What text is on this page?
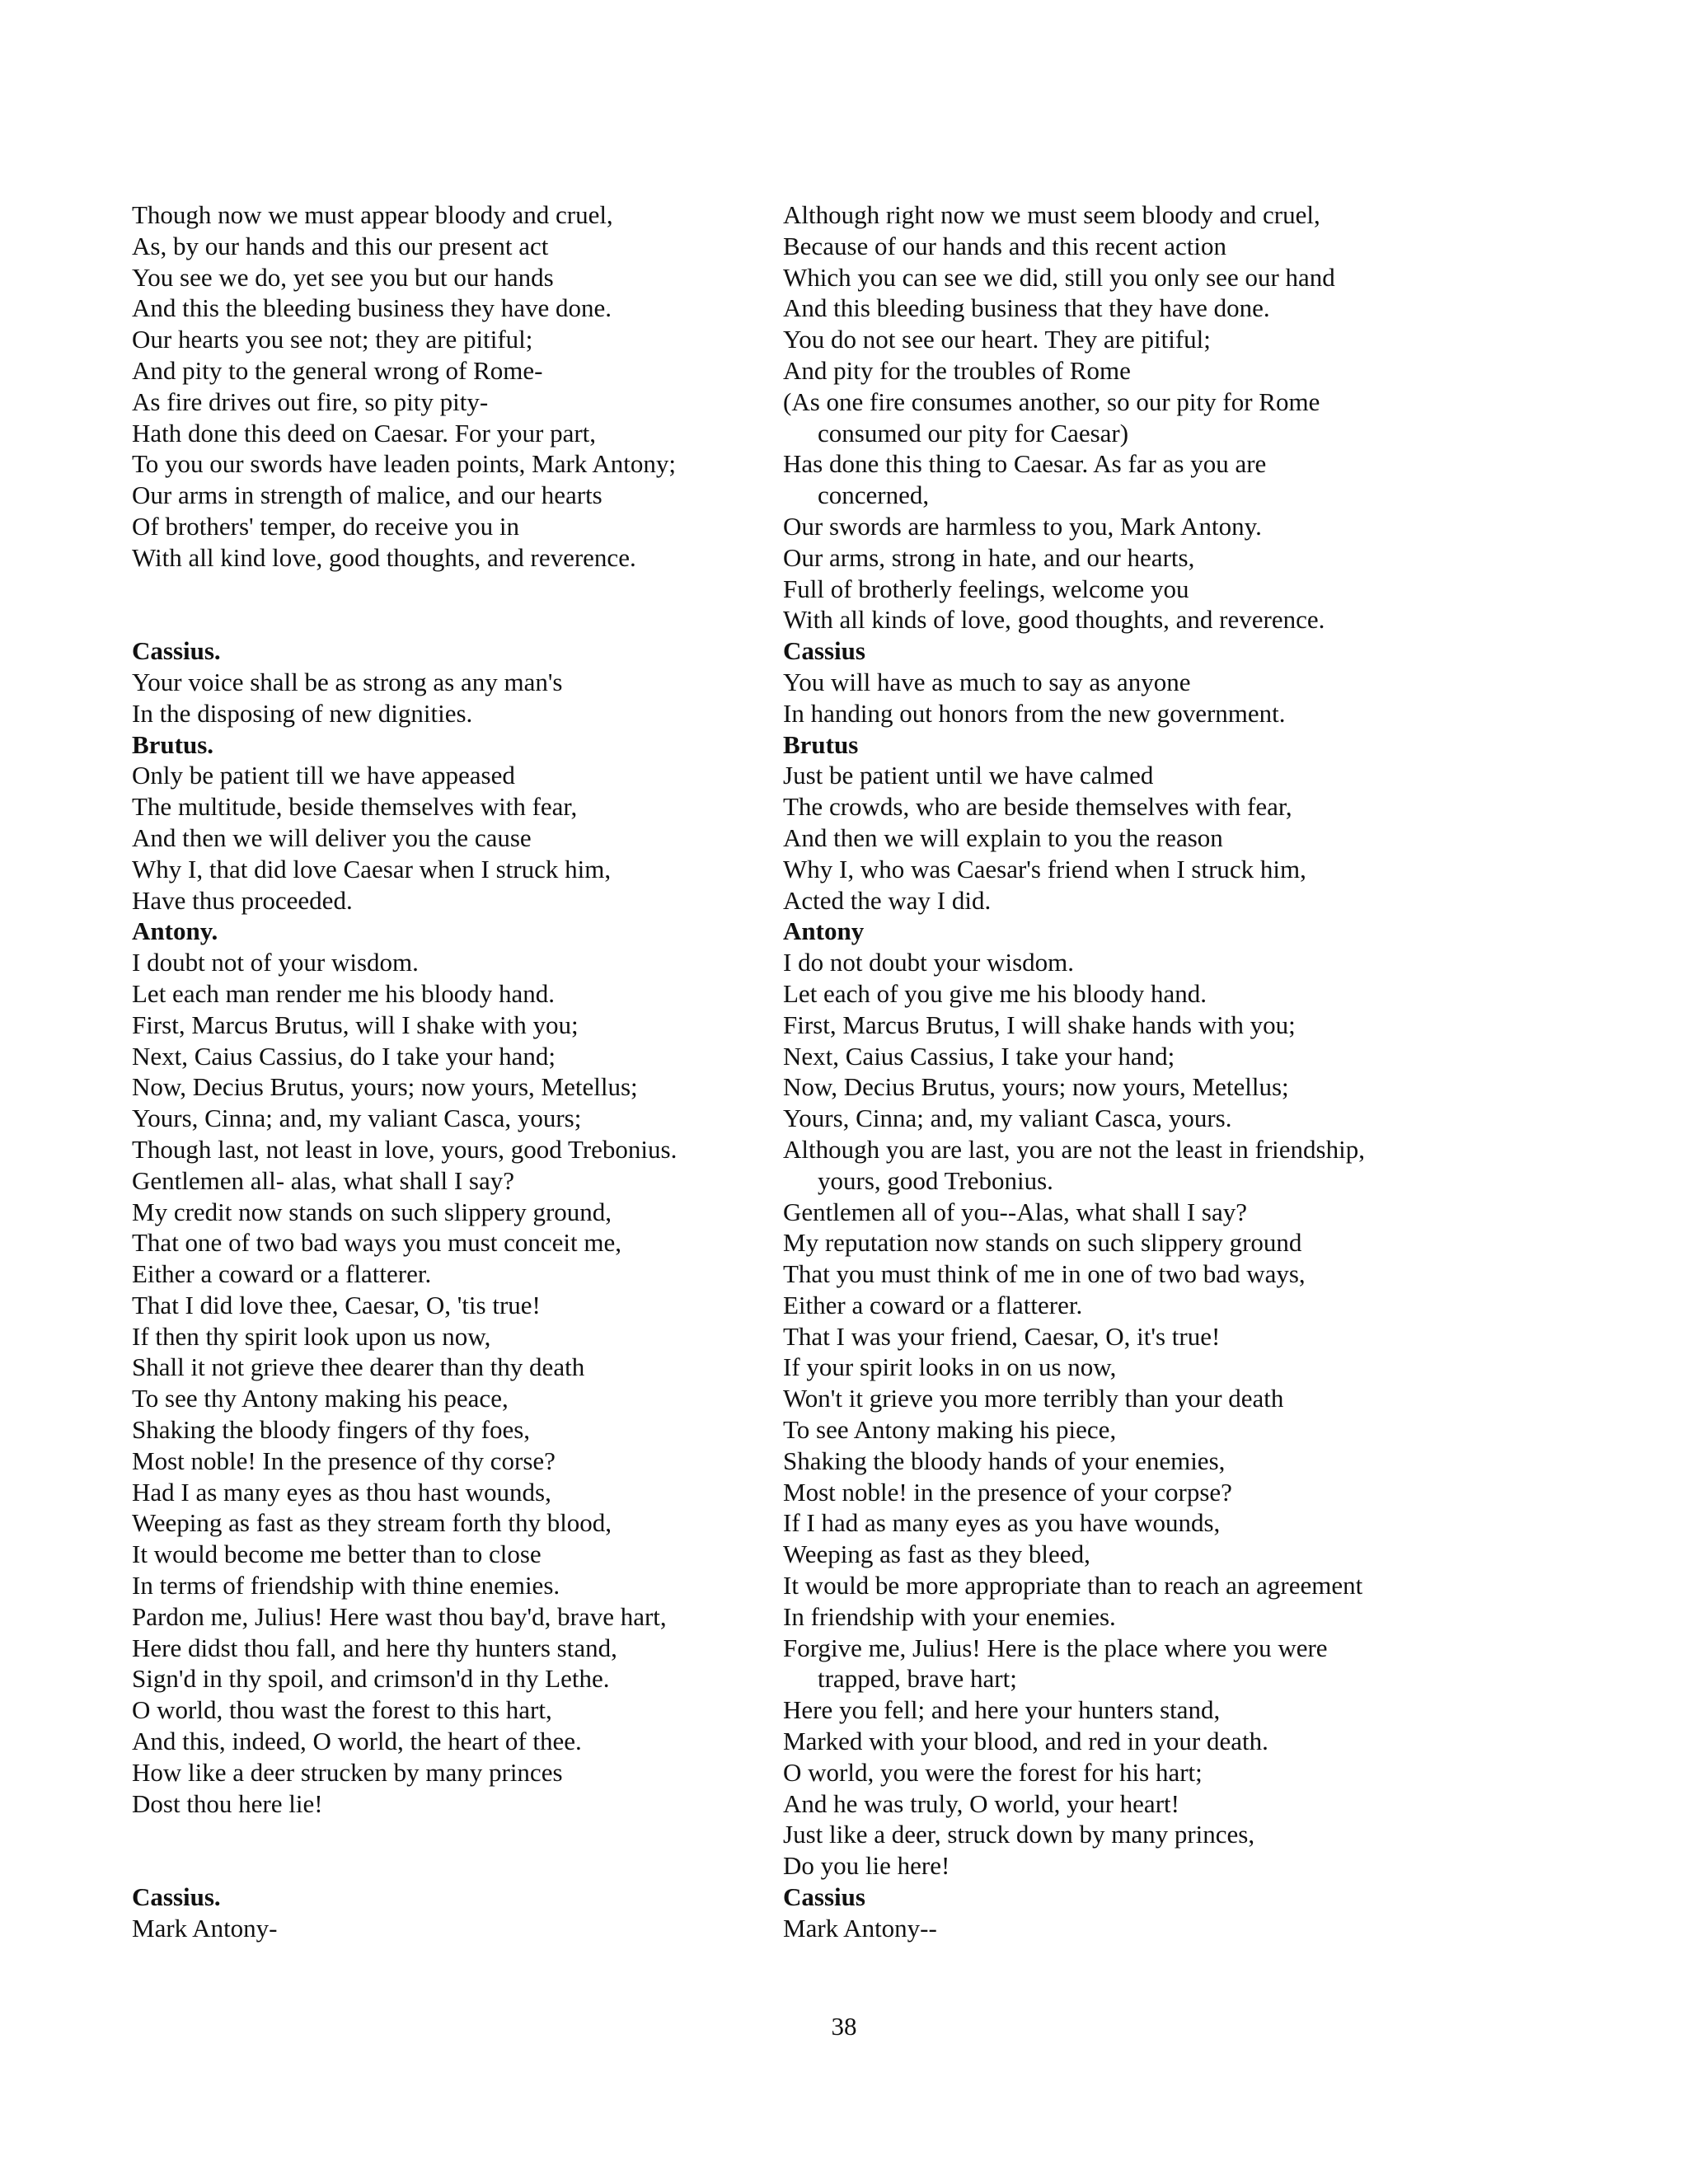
Though now we must appear bloody and cruel,
As, by our hands and this our present act
You see we do, yet see you but our hands
And this the bleeding business they have done.
Our hearts you see not; they are pitiful;
And pity to the general wrong of Rome-
As fire drives out fire, so pity pity-
Hath done this deed on Caesar. For your part,
To you our swords have leaden points, Mark Antony;
Our arms in strength of malice, and our hearts
Of brothers' temper, do receive you in
With all kind love, good thoughts, and reverence.
Cassius.
Your voice shall be as strong as any man's
In the disposing of new dignities.
Brutus.
Only be patient till we have appeased
The multitude, beside themselves with fear,
And then we will deliver you the cause
Why I, that did love Caesar when I struck him,
Have thus proceeded.
Antony.
I doubt not of your wisdom.
Let each man render me his bloody hand.
First, Marcus Brutus, will I shake with you;
Next, Caius Cassius, do I take your hand;
Now, Decius Brutus, yours; now yours, Metellus;
Yours, Cinna; and, my valiant Casca, yours;
Though last, not least in love, yours, good Trebonius.
Gentlemen all- alas, what shall I say?
My credit now stands on such slippery ground,
That one of two bad ways you must conceit me,
Either a coward or a flatterer.
That I did love thee, Caesar, O, 'tis true!
If then thy spirit look upon us now,
Shall it not grieve thee dearer than thy death
To see thy Antony making his peace,
Shaking the bloody fingers of thy foes,
Most noble! In the presence of thy corse?
Had I as many eyes as thou hast wounds,
Weeping as fast as they stream forth thy blood,
It would become me better than to close
In terms of friendship with thine enemies.
Pardon me, Julius! Here wast thou bay'd, brave hart,
Here didst thou fall, and here thy hunters stand,
Sign'd in thy spoil, and crimson'd in thy Lethe.
O world, thou wast the forest to this hart,
And this, indeed, O world, the heart of thee.
How like a deer strucken by many princes
Dost thou here lie!
Cassius.
Mark Antony-
Although right now we must seem bloody and cruel,
Because of our hands and this recent action
Which you can see we did, still you only see our hand
And this bleeding business that they have done.
You do not see our heart. They are pitiful;
And pity for the troubles of Rome
(As one fire consumes another, so our pity for Rome
consumed our pity for Caesar)
Has done this thing to Caesar. As far as you are
concerned,
Our swords are harmless to you, Mark Antony.
Our arms, strong in hate, and our hearts,
Full of brotherly feelings, welcome you
With all kinds of love, good thoughts, and reverence.
Cassius
You will have as much to say as anyone
In handing out honors from the new government.
Brutus
Just be patient until we have calmed
The crowds, who are beside themselves with fear,
And then we will explain to you the reason
Why I, who was Caesar's friend when I struck him,
Acted the way I did.
Antony
I do not doubt your wisdom.
Let each of you give me his bloody hand.
First, Marcus Brutus, I will shake hands with you;
Next, Caius Cassius, I take your hand;
Now, Decius Brutus, yours; now yours, Metellus;
Yours, Cinna; and, my valiant Casca, yours.
Although you are last, you are not the least in friendship,
yours, good Trebonius.
Gentlemen all of you--Alas, what shall I say?
My reputation now stands on such slippery ground
That you must think of me in one of two bad ways,
Either a coward or a flatterer.
That I was your friend, Caesar, O, it's true!
If your spirit looks in on us now,
Won't it grieve you more terribly than your death
To see Antony making his piece,
Shaking the bloody hands of your enemies,
Most noble! in the presence of your corpse?
If I had as many eyes as you have wounds,
Weeping as fast as they bleed,
It would be more appropriate than to reach an agreement
In friendship with your enemies.
Forgive me, Julius! Here is the place where you were
trapped, brave hart;
Here you fell; and here your hunters stand,
Marked with your blood, and red in your death.
O world, you were the forest for his hart;
And he was truly, O world, your heart!
Just like a deer, struck down by many princes,
Do you lie here!
Cassius
Mark Antony--
38
